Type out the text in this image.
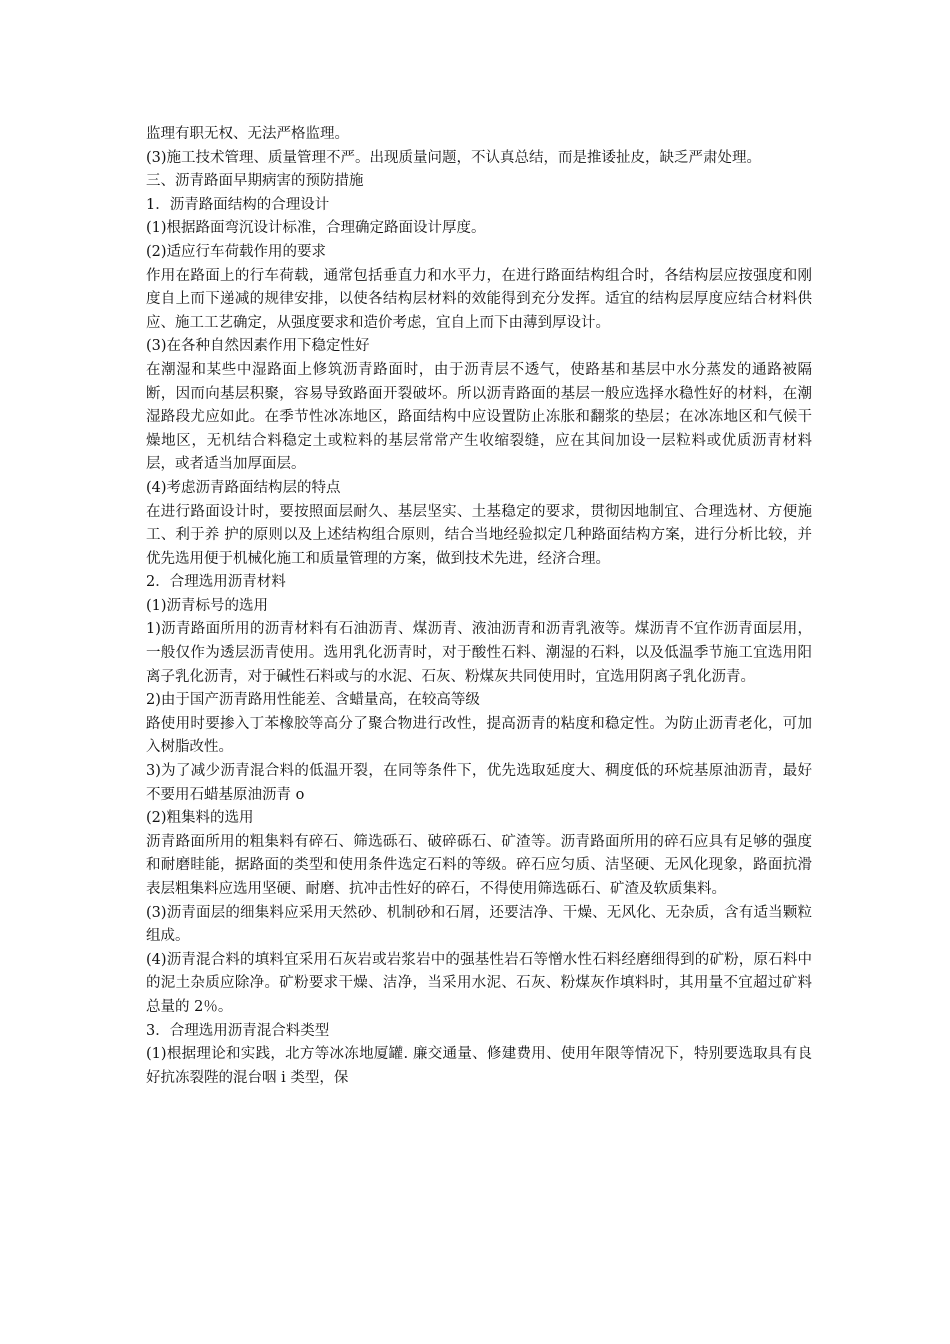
监理有职无权、无法严格监理。

(3)施工技术管理、质量管理不严。出现质量问题，不认真总结，而是推诿扯皮，缺乏严肃处理。

三、沥青路面早期病害的预防措施

1．沥青路面结构的合理设计

(1)根据路面弯沉设计标准，合理确定路面设计厚度。

(2)适应行车荷载作用的要求

作用在路面上的行车荷载，通常包括垂直力和水平力，在进行路面结构组合时，各结构层应按强度和刚度自上而下递减的规律安排，以使各结构层材料的效能得到充分发挥。适宜的结构层厚度应结合材料供应、施工工艺确定，从强度要求和造价考虑，宜自上而下由薄到厚设计。

(3)在各种自然因素作用下稳定性好

在潮湿和某些中湿路面上修筑沥青路面时，由于沥青层不透气，使路基和基层中水分蒸发的通路被隔断，因而向基层积聚，容易导致路面开裂破坏。所以沥青路面的基层一般应选择水稳性好的材料，在潮湿路段尤应如此。在季节性冰冻地区，路面结构中应设置防止冻胀和翻浆的垫层；在冰冻地区和气候干燥地区，无机结合料稳定土或粒料的基层常常产生收缩裂缝，应在其间加设一层粒料或优质沥青材料层，或者适当加厚面层。

(4)考虑沥青路面结构层的特点

在进行路面设计时，要按照面层耐久、基层坚实、土基稳定的要求，贯彻因地制宜、合理选材、方便施工、利于养 护的原则以及上述结构组合原则，结合当地经验拟定几种路面结构方案，进行分析比较，并优先选用便于机械化施工和质量管理的方案，做到技术先进，经济合理。

2．合理选用沥青材料

(1)沥青标号的选用

1)沥青路面所用的沥青材料有石油沥青、煤沥青、液油沥青和沥青乳液等。煤沥青不宜作沥青面层用，一般仅作为透层沥青使用。选用乳化沥青时，对于酸性石料、潮湿的石料，以及低温季节施工宜选用阳离子乳化沥青，对于碱性石料或与的水泥、石灰、粉煤灰共同使用时，宜选用阴离子乳化沥青。

2)由于国产沥青路用性能差、含蜡量高，在较高等级

路使用时要掺入丁苯橡胶等高分了聚合物进行改性，提高沥青的粘度和稳定性。为防止沥青老化，可加入树脂改性。

3)为了减少沥青混合料的低温开裂，在同等条件下，优先选取延度大、稠度低的环烷基原油沥青，最好不要用石蜡基原油沥青 o

(2)粗集料的选用

沥青路面所用的粗集料有碎石、筛选砾石、破碎砾石、矿渣等。沥青路面所用的碎石应具有足够的强度和耐磨眭能，据路面的类型和使用条件选定石料的等级。碎石应匀质、洁坚硬、无风化现象，路面抗滑表层粗集料应选用坚硬、耐磨、抗冲击性好的碎石，不得使用筛选砾石、矿渣及软质集料。

(3)沥青面层的细集料应采用天然砂、机制砂和石屑，还要洁净、干燥、无风化、无杂质，含有适当颗粒组成。

(4)沥青混合料的填料宜采用石灰岩或岩浆岩中的强基性岩石等憎水性石料经磨细得到的矿粉，原石料中的泥土杂质应除净。矿粉要求干燥、洁净，当采用水泥、石灰、粉煤灰作填料时，其用量不宜超过矿料总量的 2％。

3．合理选用沥青混合料类型

(1)根据理论和实践，北方等冰冻地厦罐. 廉交通量、修建费用、使用年限等情况下，特别要选取具有良好抗冻裂陛的混台咽 i 类型，保
